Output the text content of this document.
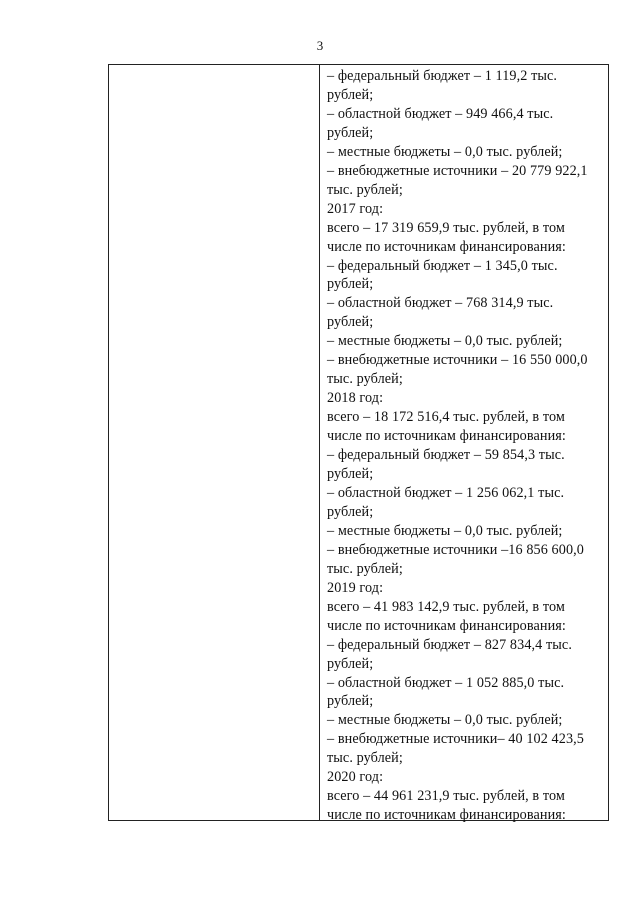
3
– федеральный бюджет – 1 119,2 тыс.
рублей;
– областной бюджет – 949 466,4 тыс.
рублей;
– местные бюджеты – 0,0 тыс. рублей;
– внебюджетные источники – 20 779 922,1
тыс. рублей;
2017 год:
всего – 17 319 659,9 тыс. рублей, в том
числе по источникам финансирования:
– федеральный бюджет – 1 345,0 тыс.
рублей;
– областной бюджет – 768 314,9 тыс.
рублей;
– местные бюджеты – 0,0 тыс. рублей;
– внебюджетные источники – 16 550 000,0
тыс. рублей;
2018 год:
всего – 18 172 516,4 тыс. рублей, в том
числе по источникам финансирования:
– федеральный бюджет – 59 854,3 тыс.
рублей;
– областной бюджет – 1 256 062,1 тыс.
рублей;
– местные бюджеты – 0,0 тыс. рублей;
– внебюджетные источники –16 856 600,0
тыс. рублей;
2019 год:
всего – 41 983 142,9 тыс. рублей, в том
числе по источникам финансирования:
– федеральный бюджет – 827 834,4 тыс.
рублей;
– областной бюджет – 1 052 885,0 тыс.
рублей;
– местные бюджеты – 0,0 тыс. рублей;
– внебюджетные источники– 40 102 423,5
тыс. рублей;
2020 год:
всего – 44 961 231,9 тыс. рублей, в том
числе по источникам финансирования:
